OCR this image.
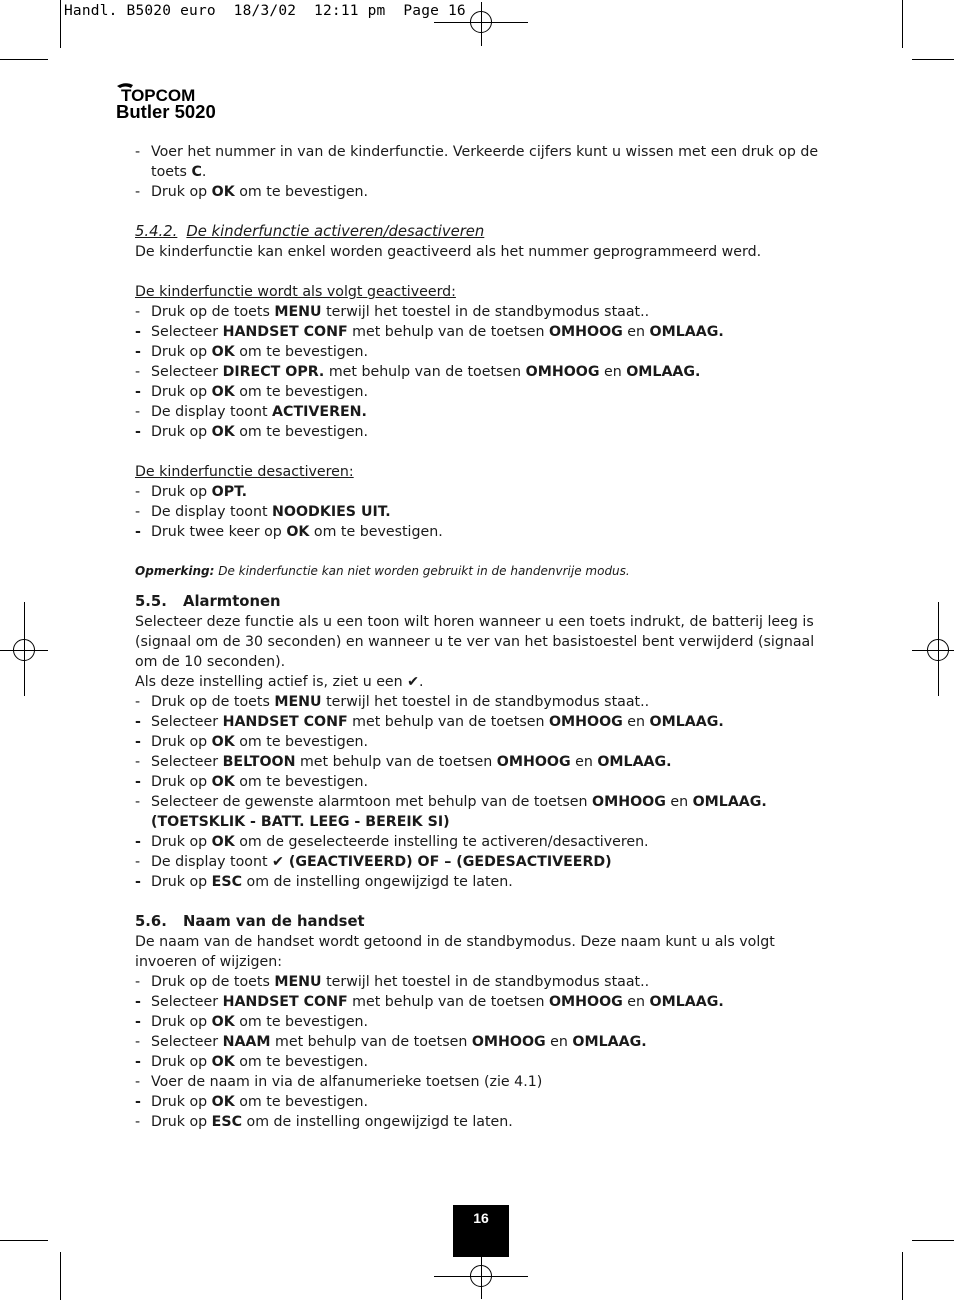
Handl. B5020 euro  18/3/02  12:11 pm  Page 16
TOPCOM
Butler 5020
- Voer het nummer in van de kinderfunctie. Verkeerde cijfers kunt u wissen met een druk op de toets C.
- Druk op OK om te bevestigen.
5.4.2. De kinderfunctie activeren/desactiveren
De kinderfunctie kan enkel worden geactiveerd als het nummer geprogrammeerd werd.
De kinderfunctie wordt als volgt geactiveerd:
- Druk op de toets MENU terwijl het toestel in de standbymodus staat..
- Selecteer HANDSET CONF met behulp van de toetsen OMHOOG en OMLAAG.
- Druk op OK om te bevestigen.
- Selecteer DIRECT OPR. met behulp van de toetsen OMHOOG en OMLAAG.
- Druk op OK om te bevestigen.
- De display toont ACTIVEREN.
- Druk op OK om te bevestigen.
De kinderfunctie desactiveren:
- Druk op OPT.
- De display toont NOODKIES UIT.
- Druk twee keer op OK om te bevestigen.
Opmerking: De kinderfunctie kan niet worden gebruikt in de handenvrije modus.
5.5. Alarmtonen
Selecteer deze functie als u een toon wilt horen wanneer u een toets indrukt, de batterij leeg is (signaal om de 30 seconden) en wanneer u te ver van het basistoestel bent verwijderd (signaal om de 10 seconden).
Als deze instelling actief is, ziet u een ✔.
- Druk op de toets MENU terwijl het toestel in de standbymodus staat..
- Selecteer HANDSET CONF met behulp van de toetsen OMHOOG en OMLAAG.
- Druk op OK om te bevestigen.
- Selecteer BELTOON met behulp van de toetsen OMHOOG en OMLAAG.
- Druk op OK om te bevestigen.
- Selecteer de gewenste alarmtoon met behulp van de toetsen OMHOOG en OMLAAG.
(TOETSKLIK - BATT. LEEG - BEREIK SI)
- Druk op OK om de geselecteerde instelling te activeren/desactiveren.
- De display toont ✔ (GEACTIVEERD) OF – (GEDESACTIVEERD)
- Druk op ESC om de instelling ongewijzigd te laten.
5.6. Naam van de handset
De naam van de handset wordt getoond in de standbymodus. Deze naam kunt u als volgt invoeren of wijzigen:
- Druk op de toets MENU terwijl het toestel in de standbymodus staat..
- Selecteer HANDSET CONF met behulp van de toetsen OMHOOG en OMLAAG.
- Druk op OK om te bevestigen.
- Selecteer NAAM met behulp van de toetsen OMHOOG en OMLAAG.
- Druk op OK om te bevestigen.
- Voer de naam in via de alfanumerieke toetsen (zie 4.1)
- Druk op OK om te bevestigen.
- Druk op ESC om de instelling ongewijzigd te laten.
16
